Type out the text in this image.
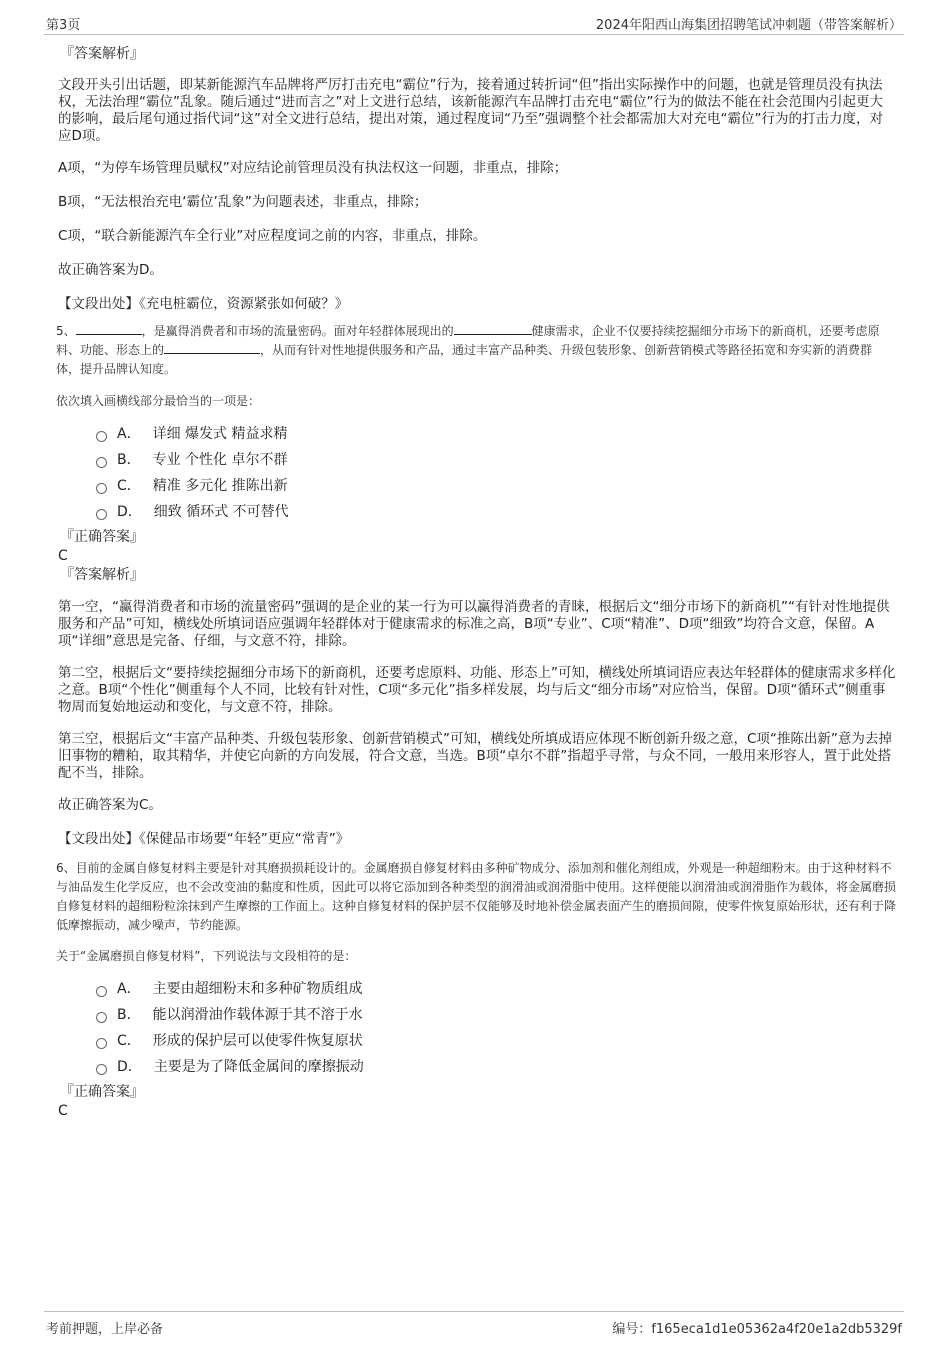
第3页	2024年阳西山海集团招聘笔试冲刺题（带答案解析）
『答案解析』

文段开头引出话题，即某新能源汽车品牌将严厉打击充电“霸位”行为，接着通过转折词“但”指出实际操作中的问题，也就是管理员没有执法权，无法治理“霸位”乱象。随后通过“进而言之”对上文进行总结，该新能源汽车品牌打击充电“霸位”行为的做法不能在社会范围内引起更大的影响，最后尾句通过指代词“这”对全文进行总结，提出对策，通过程度词“乃至”强调整个社会都需加大对充电“霸位”行为的打击力度，对应D项。

A项，“为停车场管理员赋权”对应结论前管理员没有执法权这一问题，非重点，排除；

B项，“无法根治充电‘霸位’乱象”为问题表述，非重点，排除；

C项，“联合新能源汽车全行业”对应程度词之前的内容，非重点，排除。

故正确答案为D。

【文段出处】《充电桩霸位，资源紧张如何破？》

5、	，是赢得消费者和市场的流量密码。面对年轻群体展现出的	健康需求，企业不仅要持续挖掘细分市场下的新商机，还要考虑原料、功能、形态上的	，从而有针对性地提供服务和产品，通过丰富产品种类、升级包装形象、创新营销模式等路径拓宽和夯实新的消费群体，提升品牌认知度。

依次填入画横线部分最恰当的一项是：

A． 详细 爆发式 精益求精
B． 专业 个性化 卓尔不群
C． 精准 多元化 推陈出新
D． 细致 循环式 不可替代
『正确答案』
C
『答案解析』

第一空，“赢得消费者和市场的流量密码”强调的是企业的某一行为可以赢得消费者的青睐，根据后文“细分市场下的新商机”“有针对性地提供服务和产品”可知，横线处所填词语应强调年轻群体对于健康需求的标准之高，B项“专业”、C项“精准”、D项“细致”均符合文意，保留。A项“详细”意思是完备、仔细，与文意不符，排除。

第二空，根据后文“要持续挖掘细分市场下的新商机，还要考虑原料、功能、形态上”可知，横线处所填词语应表达年轻群体的健康需求多样化之意。B项“个性化”侧重每个人不同，比较有针对性，C项“多元化”指多样发展，均与后文“细分市场”对应恰当，保留。D项“循环式”侧重事物周而复始地运动和变化，与文意不符，排除。

第三空，根据后文“丰富产品种类、升级包装形象、创新营销模式”可知，横线处所填成语应体现不断创新升级之意，C项“推陈出新”意为去掉旧事物的糟粕，取其精华，并使它向新的方向发展，符合文意，当选。B项“卓尔不群”指超乎寻常，与众不同，一般用来形容人，置于此处搭配不当，排除。

故正确答案为C。

【文段出处】《保健品市场要“年轻”更应“常青”》

6、目前的金属自修复材料主要是针对其磨损损耗设计的。金属磨损自修复材料由多种矿物成分、添加剂和催化剂组成，外观是一种超细粉末。由于这种材料不与油品发生化学反应，也不会改变油的黏度和性质，因此可以将它添加到各种类型的润滑油或润滑脂中使用。这样便能以润滑油或润滑脂作为载体，将金属磨损自修复材料的超细粉粒涂抹到产生摩擦的工作面上。这种自修复材料的保护层不仅能够及时地补偿金属表面产生的磨损间隙，使零件恢复原始形状，还有利于降低摩擦振动，减少噪声，节约能源。

关于“金属磨损自修复材料”，下列说法与文段相符的是：

A． 主要由超细粉末和多种矿物质组成
B． 能以润滑油作载体源于其不溶于水
C． 形成的保护层可以使零件恢复原状
D． 主要是为了降低金属间的摩擦振动
『正确答案』
C
考前押题，上岸必备	编号：f165eca1d1e05362a4f20e1a2db5329f
